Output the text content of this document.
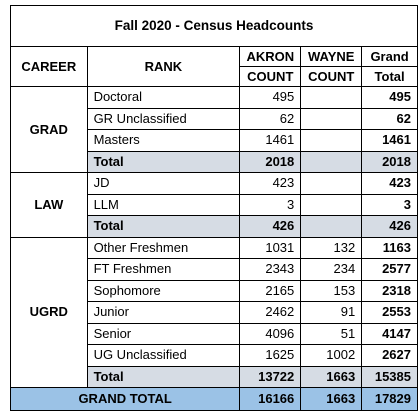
Fall 2020 - Census Headcounts				
CAREER	RANK	AKRON	WAYNE	Grand
		COUNT	COUNT	Total
GRAD	Doctoral	495		495
	GR Unclassified	62		62
	Masters	1461		1461
	Total	2018		2018
LAW	JD	423		423
	LLM	3		3
	Total	426		426
UGRD	Other Freshmen	1031	132	1163
	FT Freshmen	2343	234	2577
	Sophomore	2165	153	2318
	Junior	2462	91	2553
	Senior	4096	51	4147
	UG Unclassified	1625	1002	2627
	Total	13722	1663	15385
GRAND TOTAL		16166	1663	17829
